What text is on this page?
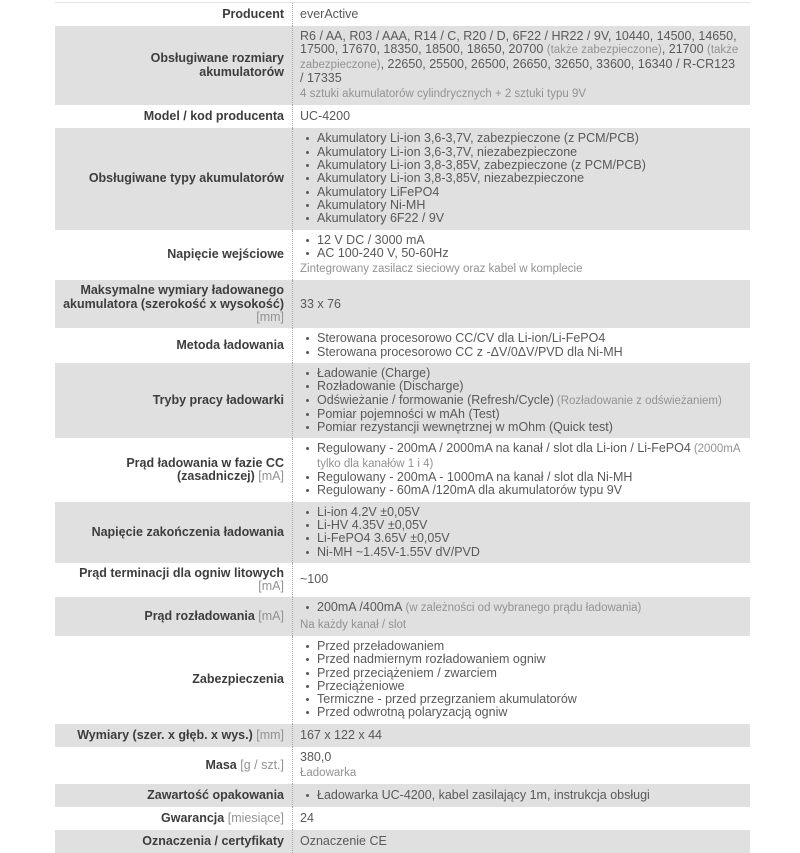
Producent everActive
Obsługiwane rozmiary akumulatorów
R6 / AA, R03 / AAA, R14 / C, R20 / D, 6F22 / HR22 / 9V, 10440, 14500, 14650, 17500, 17670, 18350, 18500, 18650, 20700 (także zabezpieczone), 21700 (także zabezpieczone), 22650, 25500, 26500, 26650, 32650, 33600, 16340 / R-CR123 / 17335
4 sztuki akumulatorów cylindrycznych + 2 sztuki typu 9V
Model / kod producenta UC-4200
Obsługiwane typy akumulatorów
Akumulatory Li-ion 3,6-3,7V, zabezpieczone (z PCM/PCB)
Akumulatory Li-ion 3,6-3,7V, niezabezpieczone
Akumulatory Li-ion 3,8-3,85V, zabezpieczone (z PCM/PCB)
Akumulatory Li-ion 3,8-3,85V, niezabezpieczone
Akumulatory LiFePO4
Akumulatory Ni-MH
Akumulatory 6F22 / 9V
Napięcie wejściowe
12 V DC / 3000 mA
AC 100-240 V, 50-60Hz
Zintegrowany zasilacz sieciowy oraz kabel w komplecie
Maksymalne wymiary ładowanego akumulatora (szerokość x wysokość) [mm]
33 x 76
Metoda ładowania	Sterowana procesorowo CC/CV dla Li-ion/Li-FePO4
Sterowana procesorowo CC z -ΔV/0ΔV/PVD dla Ni-MH
Tryby pracy ładowarki
Ładowanie (Charge)
Rozładowanie (Discharge)
Odświeżanie / formowanie (Refresh/Cycle) (Rozładowanie z odświeżaniem)
Pomiar pojemności w mAh (Test)
Pomiar rezystancji wewnętrznej w mOhm (Quick test)
Prąd ładowania w fazie CC (zasadniczej) [mA]
Regulowany - 200mA / 2000mA na kanał / slot dla Li-ion / Li-FePO4 (2000mA tylko dla kanałów 1 i 4)
Regulowany - 200mA - 1000mA na kanał / slot dla Ni-MH
Regulowany - 60mA /120mA dla akumulatorów typu 9V
Napięcie zakończenia ładowania
Li-ion 4.2V ±0,05V
Li-HV 4.35V ±0,05V
Li-FePO4 3.65V ±0,05V
Ni-MH ~1.45V-1.55V dV/PVD
Prąd terminacji dla ogniw litowych [mA] ~100
Prąd rozładowania [mA]
200mA /400mA (w zależności od wybranego prądu ładowania)
Na każdy kanał / slot
Zabezpieczenia
Przed przeładowaniem
Przed nadmiernym rozładowaniem ogniw
Przed przeciążeniem / zwarciem
Przeciążeniowe
Termiczne - przed przegrzaniem akumulatorów
Przed odwrotną polaryzacją ogniw
Wymiary (szer. x głęb. x wys.) [mm] 167 x 122 x 44
Masa [g / szt.]
380,0
Ładowarka
Zawartość opakowania	Ładowarka UC-4200, kabel zasilający 1m, instrukcja obsługi
Gwarancja [miesiące] 24
Oznaczenia / certyfikaty Oznaczenie CE
